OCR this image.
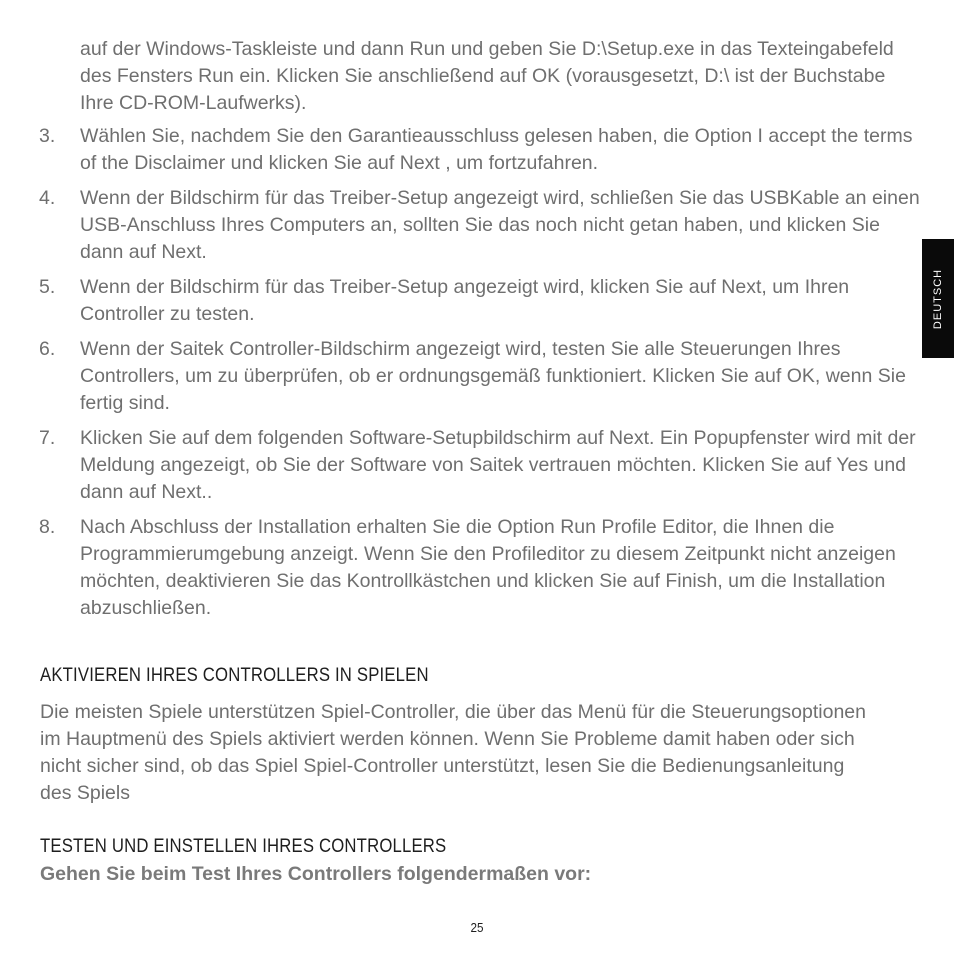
auf der Windows-Taskleiste und dann Run und geben Sie D:\Setup.exe in das Texteingabefeld des Fensters Run ein. Klicken Sie anschließend auf OK (vorausgesetzt, D:\ ist der Buchstabe Ihre CD-ROM-Laufwerks).

3. Wählen Sie, nachdem Sie den Garantieausschluss gelesen haben, die Option I accept the terms of the Disclaimer und klicken Sie auf Next , um fortzufahren.
4. Wenn der Bildschirm für das Treiber-Setup angezeigt wird, schließen Sie das USBKable an einen USB-Anschluss Ihres Computers an, sollten Sie das noch nicht getan haben, und klicken Sie dann auf Next.
5. Wenn der Bildschirm für das Treiber-Setup angezeigt wird, klicken Sie auf Next, um Ihren Controller zu testen.
6. Wenn der Saitek Controller-Bildschirm angezeigt wird, testen Sie alle Steuerungen Ihres Controllers, um zu überprüfen, ob er ordnungsgemäß funktioniert. Klicken Sie auf OK, wenn Sie fertig sind.
7. Klicken Sie auf dem folgenden Software-Setupbildschirm auf Next. Ein Popupfenster wird mit der Meldung angezeigt, ob Sie der Software von Saitek vertrauen möchten. Klicken Sie auf Yes und dann auf Next..
8. Nach Abschluss der Installation erhalten Sie die Option Run Profile Editor, die Ihnen die Programmierumgebung anzeigt. Wenn Sie den Profileditor zu diesem Zeitpunkt nicht anzeigen möchten, deaktivieren Sie das Kontrollkästchen und klicken Sie auf Finish, um die Installation abzuschließen.
AKTIVIEREN IHRES CONTROLLERS IN SPIELEN

Die meisten Spiele unterstützen Spiel-Controller, die über das Menü für die Steuerungsoptionen im Hauptmenü des Spiels aktiviert werden können. Wenn Sie Probleme damit haben oder sich nicht sicher sind, ob das Spiel Spiel-Controller unterstützt, lesen Sie die Bedienungsanleitung des Spiels

TESTEN UND EINSTELLEN IHRES CONTROLLERS

Gehen Sie beim Test Ihres Controllers folgendermaßen vor:

DEUTSCH
25
